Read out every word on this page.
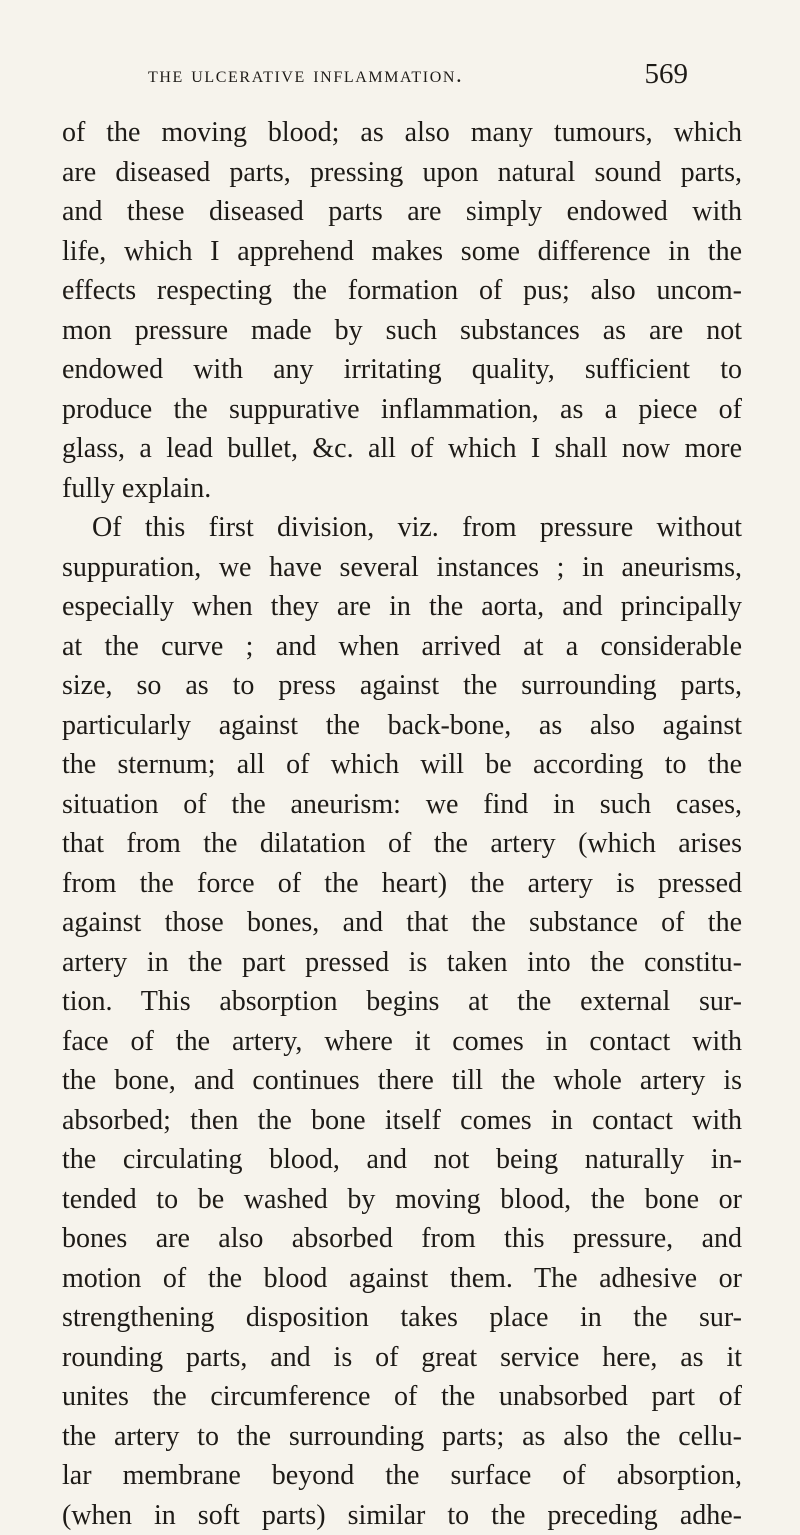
the ulcerative inflammation.	569
of the moving blood; as also many tumours, which
are diseased parts, pressing upon natural sound parts,
and these diseased parts are simply endowed with
life, which I apprehend makes some difference in the
effects respecting the formation of pus; also uncom-
mon pressure made by such substances as are not
endowed with any irritating quality, sufficient to
produce the suppurative inflammation, as a piece of
glass, a lead bullet, &c. all of which I shall now more
fully explain.
Of this first division, viz. from pressure without
suppuration, we have several instances ; in aneurisms,
especially when they are in the aorta, and principally
at the curve ; and when arrived at a considerable
size, so as to press against the surrounding parts,
particularly against the back-bone, as also against
the sternum; all of which will be according to the
situation of the aneurism: we find in such cases,
that from the dilatation of the artery (which arises
from the force of the heart) the artery is pressed
against those bones, and that the substance of the
artery in the part pressed is taken into the constitu-
tion. This absorption begins at the external sur-
face of the artery, where it comes in contact with
the bone, and continues there till the whole artery is
absorbed; then the bone itself comes in contact with
the circulating blood, and not being naturally in-
tended to be washed by moving blood, the bone or
bones are also absorbed from this pressure, and
motion of the blood against them. The adhesive or
strengthening disposition takes place in the sur-
rounding parts, and is of great service here, as it
unites the circumference of the unabsorbed part of
the artery to the surrounding parts; as also the cellu-
lar membrane beyond the surface of absorption,
(when in soft parts) similar to the preceding adhe-
